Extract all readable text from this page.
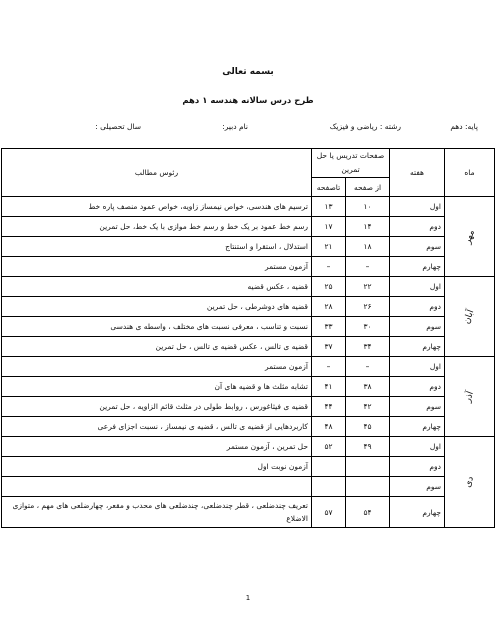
بسمه تعالی
طرح درس سالانه هندسه ۱ دهم
پایه: دهم
رشته : ریاضی و فیزیک
نام دبیر:
سال تحصیلی :
ماه	هفته	صفحات تدریس یا حل تمرین		رئوس مطالب
		از صفحه	تاصفحه	
مهر	اول	۱۰	۱۳	ترسیم های هندسی، خواص نیمساز زاویه، خواص عمود منصف پاره خط
	دوم	۱۴	۱۷	رسم خط عمود بر یک خط و رسم خط موازی با یک خط، حل تمرین
	سوم	۱۸	۲۱	استدلال ، استقرا و استنتاج
	چهارم	–	–	آزمون مستمر
آبان	اول	۲۲	۲۵	قضیه ، عکس قضیه
	دوم	۲۶	۲۸	قضیه های دوشرطی ، حل تمرین
	سوم	۳۰	۳۳	نسبت و تناسب ، معرفی نسبت های مختلف ، واسطه ی هندسی
	چهارم	۳۴	۳۷	قضیه ی تالس ، عکس قضیه ی تالس ، حل تمرین
آذر	اول	–	–	آزمون مستمر
	دوم	۳۸	۴۱	تشابه مثلث ها و قضیه های آن
	سوم	۴۲	۴۴	قضیه ی فیثاغورس ، روابط طولی در مثلث قائم الزاویه ، حل تمرین
	چهارم	۴۵	۴۸	کاربردهایی از قضیه ی تالس ، قضیه ی نیمساز ، نسبت اجزای فرعی
دی	اول	۴۹	۵۲	حل تمرین ، آزمون مستمر
	دوم			آزمون نوبت اول
	سوم			
	چهارم	۵۴	۵۷	تعریف چندضلعی ، قطر چندضلعی، چندضلعی های محدب و مقعر، چهارضلعی های مهم ، متوازی الاضلاع
1
